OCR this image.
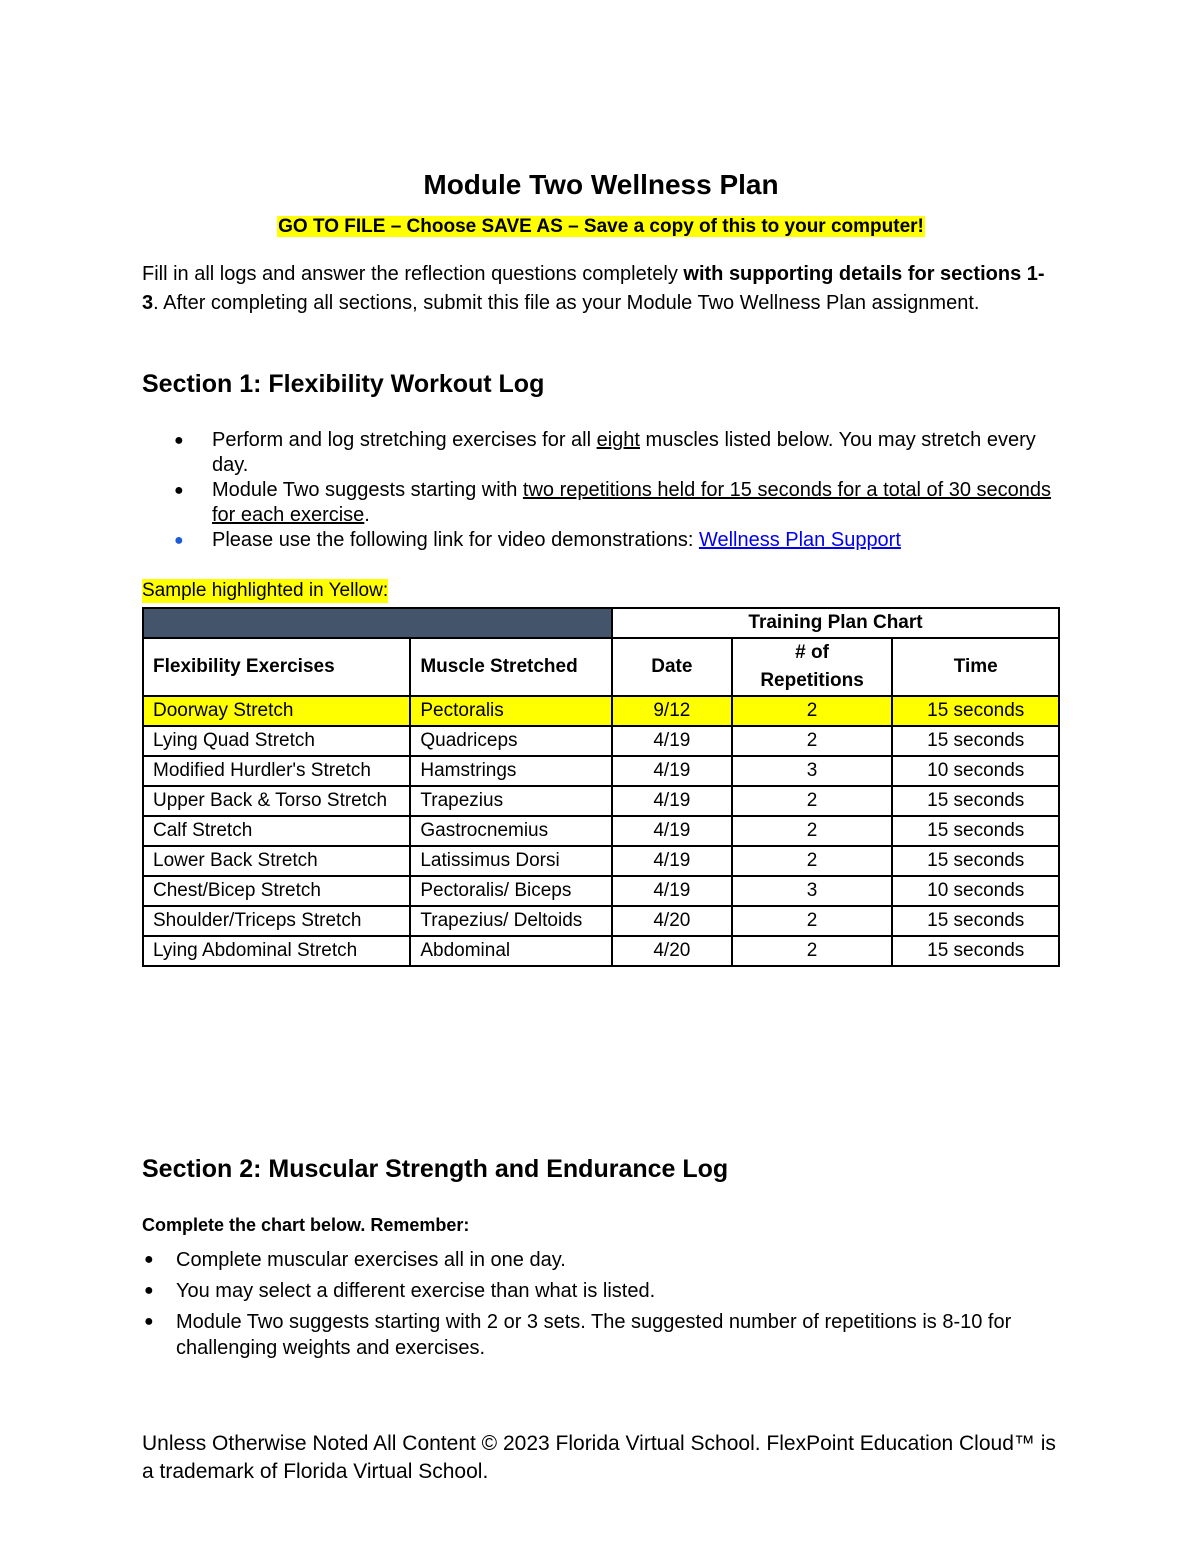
Module Two Wellness Plan
GO TO FILE – Choose SAVE AS – Save a copy of this to your computer!

Fill in all logs and answer the reflection questions completely with supporting details for sections 1-3. After completing all sections, submit this file as your Module Two Wellness Plan assignment.

Section 1: Flexibility Workout Log
● Perform and log stretching exercises for all eight muscles listed below. You may stretch every day.
● Module Two suggests starting with two repetitions held for 15 seconds for a total of 30 seconds for each exercise.
● Please use the following link for video demonstrations: Wellness Plan Support
Sample highlighted in Yellow:
		Training Plan Chart		
Flexibility Exercises	Muscle Stretched	Date	# of Repetitions	Time
Doorway Stretch	Pectoralis	9/12	2	15 seconds
Lying Quad Stretch	Quadriceps	4/19	2	15 seconds
Modified Hurdler's Stretch	Hamstrings	4/19	3	10 seconds
Upper Back & Torso Stretch	Trapezius	4/19	2	15 seconds
Calf Stretch	Gastrocnemius	4/19	2	15 seconds
Lower Back Stretch	Latissimus Dorsi	4/19	2	15 seconds
Chest/Bicep Stretch	Pectoralis/ Biceps	4/19	3	10 seconds
Shoulder/Triceps Stretch	Trapezius/ Deltoids	4/20	2	15 seconds
Lying Abdominal Stretch	Abdominal	4/20	2	15 seconds
Section 2: Muscular Strength and Endurance Log

Complete the chart below. Remember:

● Complete muscular exercises all in one day.
● You may select a different exercise than what is listed.
● Module Two suggests starting with 2 or 3 sets. The suggested number of repetitions is 8-10 for challenging weights and exercises.

Unless Otherwise Noted All Content © 2023 Florida Virtual School. FlexPoint Education Cloud™ is a trademark of Florida Virtual School.
